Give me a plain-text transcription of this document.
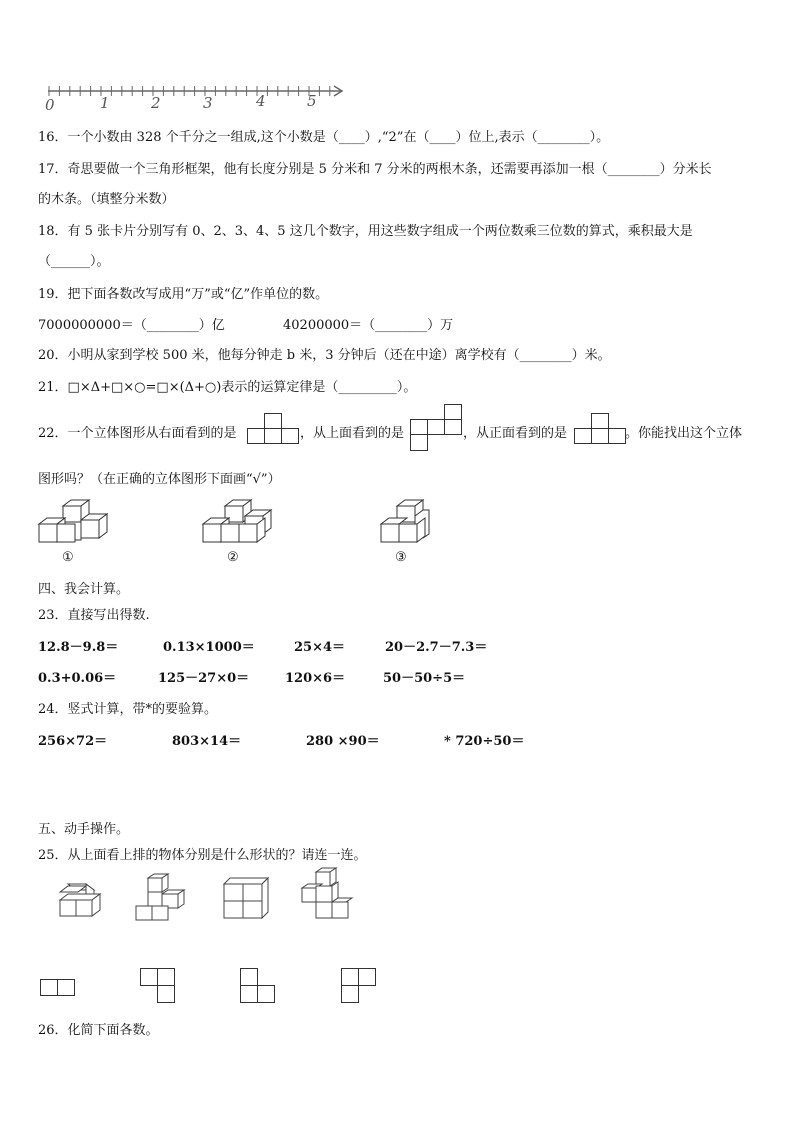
0	1	2	3	4	5
16．一个小数由 328 个千分之一组成,这个小数是（____）,“2”在（____）位上,表示（________）。
17．奇思要做一个三角形框架，他有长度分别是 5 分米和 7 分米的两根木条，还需要再添加一根（________）分米长
的木条。（填整分米数）
18．有 5 张卡片分别写有 0、2、3、4、5 这几个数字，用这些数字组成一个两位数乘三位数的算式，乘积最大是
（______）。
19．把下面各数改写成用“万”或“亿”作单位的数。
7000000000＝（________）亿	40200000＝（________）万
20．小明从家到学校 500 米，他每分钟走 b 米，3 分钟后（还在中途）离学校有（________）米。
21．□×Δ+□×○=□×(Δ+○)表示的运算定律是（_________）。
22．一个立体图形从右面看到的是	，从上面看到的是	，从正面看到的是	。你能找出这个立体
图形吗？（在正确的立体图形下面画“√”）
①	②	③
四、我会计算。
23．直接写出得数.
12.8－9.8＝	0.13×1000＝	25×4＝	20－2.7－7.3＝
0.3+0.06＝	125－27×0＝	120×6＝	50－50÷5＝
24．竖式计算，带*的要验算。
256×72＝	803×14＝	280 ×90＝	* 720÷50＝
五、动手操作。
25．从上面看上排的物体分别是什么形状的？请连一连。
26．化简下面各数。
